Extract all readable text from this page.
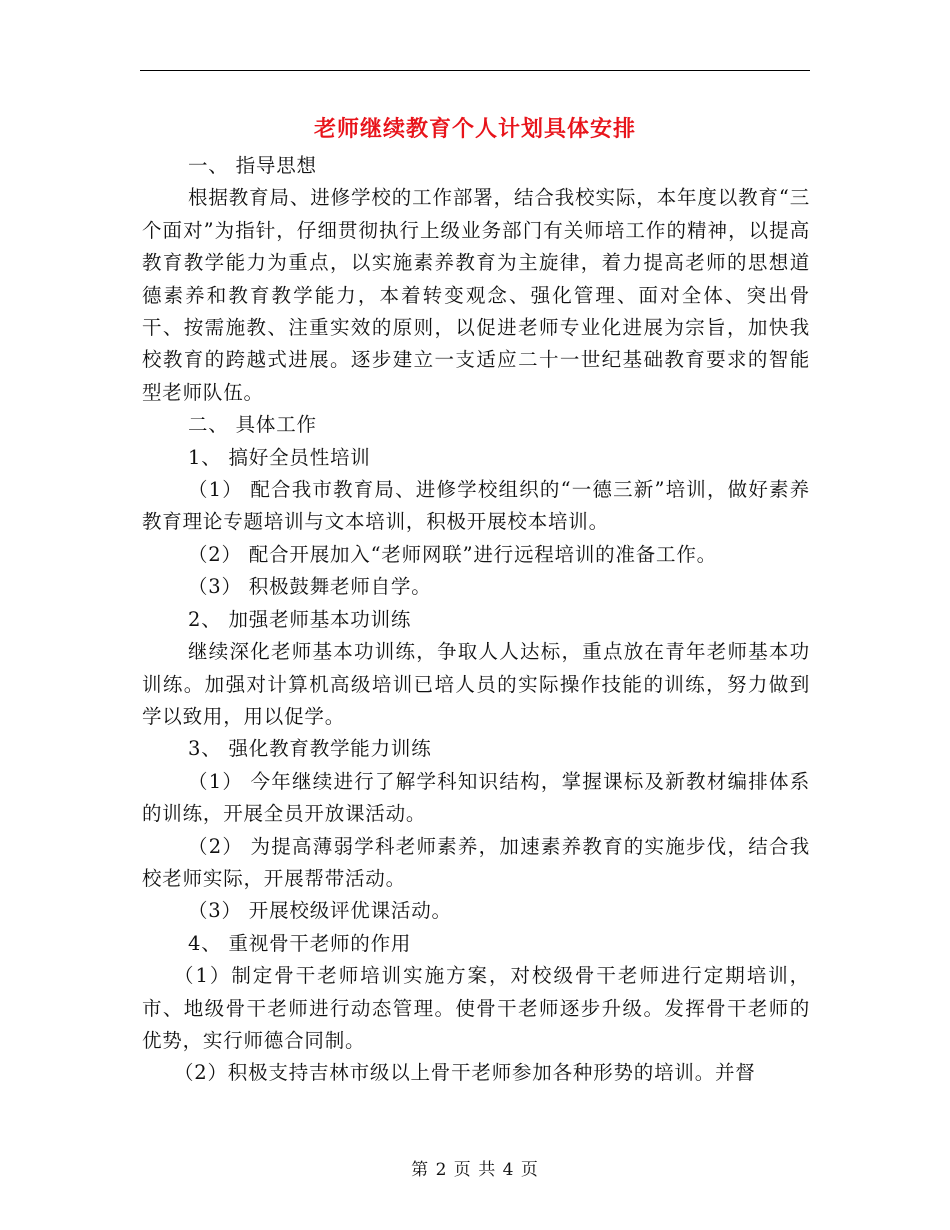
老师继续教育个人计划具体安排

一、 指导思想

根据教育局、进修学校的工作部署，结合我校实际，本年度以教育“三个面对”为指针，仔细贯彻执行上级业务部门有关师培工作的精神，以提高教育教学能力为重点，以实施素养教育为主旋律，着力提高老师的思想道德素养和教育教学能力，本着转变观念、强化管理、面对全体、突出骨干、按需施教、注重实效的原则，以促进老师专业化进展为宗旨，加快我校教育的跨越式进展。逐步建立一支适应二十一世纪基础教育要求的智能型老师队伍。

二、 具体工作

1、 搞好全员性培训

（1） 配合我市教育局、进修学校组织的“一德三新”培训，做好素养教育理论专题培训与文本培训，积极开展校本培训。

（2） 配合开展加入“老师网联”进行远程培训的准备工作。

（3） 积极鼓舞老师自学。

2、 加强老师基本功训练

继续深化老师基本功训练，争取人人达标，重点放在青年老师基本功训练。加强对计算机高级培训已培人员的实际操作技能的训练，努力做到学以致用，用以促学。

3、 强化教育教学能力训练

（1） 今年继续进行了解学科知识结构，掌握课标及新教材编排体系的训练，开展全员开放课活动。

（2） 为提高薄弱学科老师素养，加速素养教育的实施步伐，结合我校老师实际，开展帮带活动。

（3） 开展校级评优课活动。

4、 重视骨干老师的作用

（1）制定骨干老师培训实施方案，对校级骨干老师进行定期培训，市、地级骨干老师进行动态管理。使骨干老师逐步升级。发挥骨干老师的优势，实行师德合同制。

（2）积极支持吉林市级以上骨干老师参加各种形势的培训。并督

第 2 页 共 4 页
